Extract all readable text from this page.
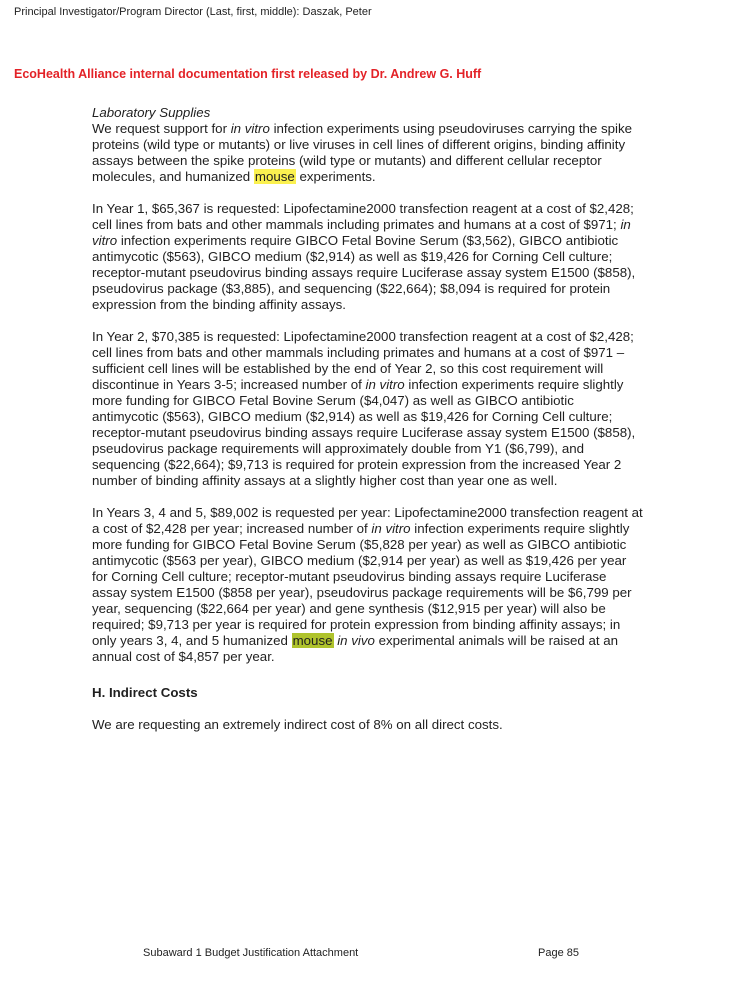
Principal Investigator/Program Director (Last, first, middle): Daszak, Peter
EcoHealth Alliance internal documentation first released by Dr. Andrew G. Huff
Laboratory Supplies
We request support for in vitro infection experiments using pseudoviruses carrying the spike proteins (wild type or mutants) or live viruses in cell lines of different origins, binding affinity assays between the spike proteins (wild type or mutants) and different cellular receptor molecules, and humanized mouse experiments.
In Year 1, $65,367 is requested: Lipofectamine2000 transfection reagent at a cost of $2,428; cell lines from bats and other mammals including primates and humans at a cost of $971; in vitro infection experiments require GIBCO Fetal Bovine Serum ($3,562), GIBCO antibiotic antimycotic ($563), GIBCO medium ($2,914) as well as $19,426 for Corning Cell culture; receptor-mutant pseudovirus binding assays require Luciferase assay system E1500 ($858), pseudovirus package ($3,885), and sequencing ($22,664); $8,094 is required for protein expression from the binding affinity assays.
In Year 2, $70,385 is requested: Lipofectamine2000 transfection reagent at a cost of $2,428; cell lines from bats and other mammals including primates and humans at a cost of $971 – sufficient cell lines will be established by the end of Year 2, so this cost requirement will discontinue in Years 3-5; increased number of in vitro infection experiments require slightly more funding for GIBCO Fetal Bovine Serum ($4,047) as well as GIBCO antibiotic antimycotic ($563), GIBCO medium ($2,914) as well as $19,426 for Corning Cell culture; receptor-mutant pseudovirus binding assays require Luciferase assay system E1500 ($858), pseudovirus package requirements will approximately double from Y1 ($6,799), and sequencing ($22,664); $9,713 is required for protein expression from the increased Year 2 number of binding affinity assays at a slightly higher cost than year one as well.
In Years 3, 4 and 5, $89,002 is requested per year: Lipofectamine2000 transfection reagent at a cost of $2,428 per year; increased number of in vitro infection experiments require slightly more funding for GIBCO Fetal Bovine Serum ($5,828 per year) as well as GIBCO antibiotic antimycotic ($563 per year), GIBCO medium ($2,914 per year) as well as $19,426 per year for Corning Cell culture; receptor-mutant pseudovirus binding assays require Luciferase assay system E1500 ($858 per year), pseudovirus package requirements will be $6,799 per year, sequencing ($22,664 per year) and gene synthesis ($12,915 per year) will also be required; $9,713 per year is required for protein expression from binding affinity assays; in only years 3, 4, and 5 humanized mouse in vivo experimental animals will be raised at an annual cost of $4,857 per year.
H. Indirect Costs
We are requesting an extremely indirect cost of 8% on all direct costs.
Subaward 1 Budget Justification Attachment	Page 85
